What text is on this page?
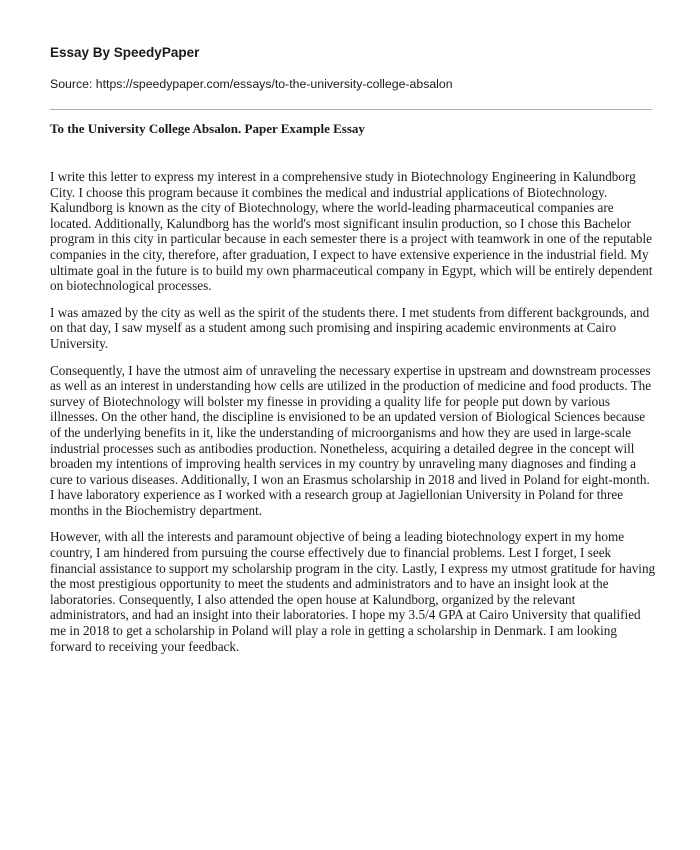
Essay By SpeedyPaper

Source: https://speedypaper.com/essays/to-the-university-college-absalon

To the University College Absalon. Paper Example Essay

I write this letter to express my interest in a comprehensive study in Biotechnology Engineering in Kalundborg City. I choose this program because it combines the medical and industrial applications of Biotechnology. Kalundborg is known as the city of Biotechnology, where the world-leading pharmaceutical companies are located. Additionally, Kalundborg has the world's most significant insulin production, so I chose this Bachelor program in this city in particular because in each semester there is a project with teamwork in one of the reputable companies in the city, therefore, after graduation, I expect to have extensive experience in the industrial field. My ultimate goal in the future is to build my own pharmaceutical company in Egypt, which will be entirely dependent on biotechnological processes.

I was amazed by the city as well as the spirit of the students there. I met students from different backgrounds, and on that day, I saw myself as a student among such promising and inspiring academic environments at Cairo University.

Consequently, I have the utmost aim of unraveling the necessary expertise in upstream and downstream processes as well as an interest in understanding how cells are utilized in the production of medicine and food products. The survey of Biotechnology will bolster my finesse in providing a quality life for people put down by various illnesses. On the other hand, the discipline is envisioned to be an updated version of Biological Sciences because of the underlying benefits in it, like the understanding of microorganisms and how they are used in large-scale industrial processes such as antibodies production. Nonetheless, acquiring a detailed degree in the concept will broaden my intentions of improving health services in my country by unraveling many diagnoses and finding a cure to various diseases. Additionally, I won an Erasmus scholarship in 2018 and lived in Poland for eight-month. I have laboratory experience as I worked with a research group at Jagiellonian University in Poland for three months in the Biochemistry department.

However, with all the interests and paramount objective of being a leading biotechnology expert in my home country, I am hindered from pursuing the course effectively due to financial problems. Lest I forget, I seek financial assistance to support my scholarship program in the city. Lastly, I express my utmost gratitude for having the most prestigious opportunity to meet the students and administrators and to have an insight look at the laboratories. Consequently, I also attended the open house at Kalundborg, organized by the relevant administrators, and had an insight into their laboratories. I hope my 3.5/4 GPA at Cairo University that qualified me in 2018 to get a scholarship in Poland will play a role in getting a scholarship in Denmark. I am looking forward to receiving your feedback.
